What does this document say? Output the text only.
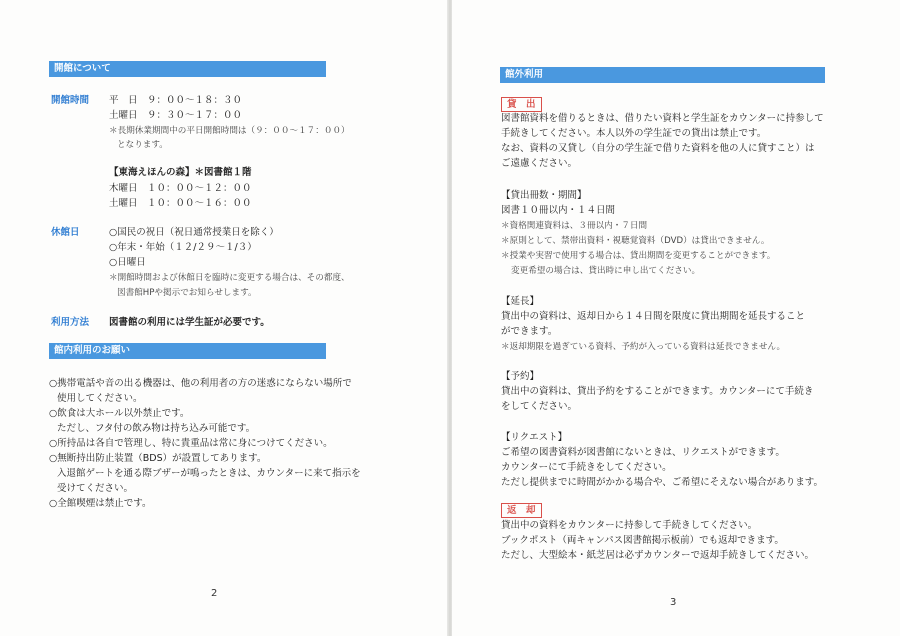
開館について
開館時間 平　日　９：００〜１８：３０
土曜日　９：３０〜１７：００
＊長期休業期間中の平日開館時間は（９：００〜１７：００）
となります。
【東海えほんの森】＊図書館１階
木曜日　１０：００〜１２：００
土曜日　１０：００〜１６：００
休館日	○国民の祝日（祝日通常授業日を除く）
○年末・年始（１２/２９〜１/３）
○日曜日
＊開館時間および休館日を臨時に変更する場合は、その都度、
図書館HPや掲示でお知らせします。
利用方法 図書館の利用には学生証が必要です。
館内利用のお願い
○携帯電話や音の出る機器は、他の利用者の方の迷惑にならない場所で
使用してください。
○飲食は大ホール以外禁止です。
ただし、フタ付の飲み物は持ち込み可能です。
○所持品は各自で管理し、特に貴重品は常に身につけてください。
○無断持出防止装置（BDS）が設置してあります。
入退館ゲートを通る際ブザーが鳴ったときは、カウンターに来て指示を
受けてください。
○全館喫煙は禁止です。
2
館外利用
貸　出
図書館資料を借りるときは、借りたい資料と学生証をカウンターに持参して
手続きしてください。本人以外の学生証での貸出は禁止です。
なお、資料の又貸し（自分の学生証で借りた資料を他の人に貸すこと）は
ご遠慮ください。
【貸出冊数・期間】
図書１０冊以内・１４日間
＊資格関連資料は、３冊以内・７日間
＊原則として、禁帯出資料・視聴覚資料（DVD）は貸出できません。
＊授業や実習で使用する場合は、貸出期間を変更することができます。
変更希望の場合は、貸出時に申し出てください。
【延長】
貸出中の資料は、返却日から１４日間を限度に貸出期間を延長すること
ができます。
＊返却期限を過ぎている資料、予約が入っている資料は延長できません。
【予約】
貸出中の資料は、貸出予約をすることができます。カウンターにて手続き
をしてください。
【リクエスト】
ご希望の図書資料が図書館にないときは、リクエストができます。
カウンターにて手続きをしてください。
ただし提供までに時間がかかる場合や、ご希望にそえない場合があります。
返　却
貸出中の資料をカウンターに持参して手続きしてください。
ブックポスト（両キャンパス図書館掲示板前）でも返却できます。
ただし、大型絵本・紙芝居は必ずカウンターで返却手続きしてください。
3
